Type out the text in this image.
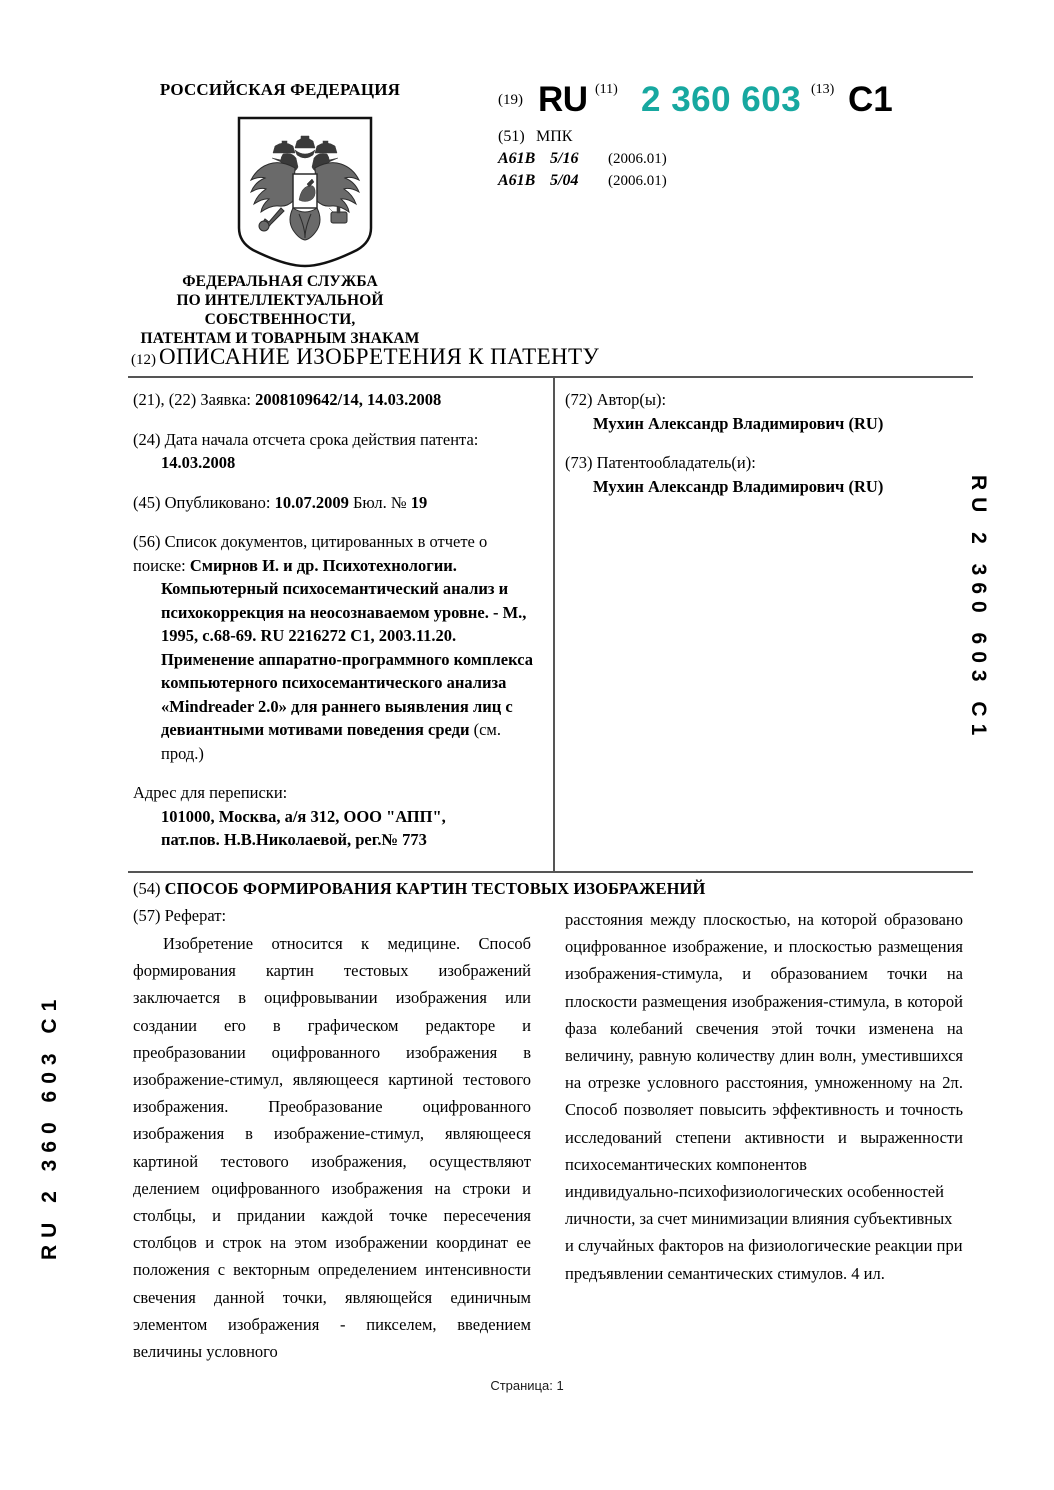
РОССИЙСКАЯ ФЕДЕРАЦИЯ
ФЕДЕРАЛЬНАЯ СЛУЖБА
ПО ИНТЕЛЛЕКТУАЛЬНОЙ СОБСТВЕННОСТИ,
ПАТЕНТАМ И ТОВАРНЫМ ЗНАКАМ
(19) RU (11) 2 360 603 (13) C1
(51) МПК
A61B 5/16 (2006.01)
A61B 5/04 (2006.01)
(12) ОПИСАНИЕ ИЗОБРЕТЕНИЯ К ПАТЕНТУ
(21), (22) Заявка: 2008109642/14, 14.03.2008
(24) Дата начала отсчета срока действия патента:
14.03.2008
(45) Опубликовано: 10.07.2009 Бюл. № 19
(56) Список документов, цитированных в отчете о
поиске: Смирнов И. и др. Психотехнологии.
Компьютерный психосемантический анализ и психокоррекция на неосознаваемом уровне. - М., 1995, с.68-69. RU 2216272 C1, 2003.11.20. Применение аппаратно-программного комплекса компьютерного психосемантического анализа «Mindreader 2.0» для раннего выявления лиц с девиантными мотивами поведения среди (см. прод.)
Адрес для переписки:
101000, Москва, а/я 312, ООО "АПП",
пат.пов. Н.В.Николаевой, рег.№ 773
(72) Автор(ы):
Мухин Александр Владимирович (RU)
(73) Патентообладатель(и):
Мухин Александр Владимирович (RU)
(54) СПОСОБ ФОРМИРОВАНИЯ КАРТИН ТЕСТОВЫХ ИЗОБРАЖЕНИЙ
(57) Реферат:

Изобретение относится к медицине. Способ формирования картин тестовых изображений заключается в оцифровывании изображения или создании его в графическом редакторе и преобразовании оцифрованного изображения в изображение-стимул, являющееся картиной тестового изображения. Преобразование оцифрованного изображения в изображение-стимул, являющееся картиной тестового изображения, осуществляют делением оцифрованного изображения на строки и столбцы, и придании каждой точке пересечения столбцов и строк на этом изображении координат ее положения с векторным определением интенсивности свечения данной точки, являющейся единичным элементом изображения - пикселем, введением величины условного

расстояния между плоскостью, на которой образовано оцифрованное изображение, и плоскостью размещения изображения-стимула, и образованием точки на плоскости размещения изображения-стимула, в которой фаза колебаний свечения этой точки изменена на величину, равную количеству длин волн, уместившихся на отрезке условного расстояния, умноженному на 2π. Способ позволяет повысить эффективность и точность исследований степени активности и выраженности психосемантических компонентов

индивидуально-психофизиологических особенностей личности, за счет минимизации влияния субъективных и случайных факторов на физиологические реакции при предъявлении семантических стимулов. 4 ил.

RU 2 360 603 C1
RU 2 360 603 C1
Страница: 1
